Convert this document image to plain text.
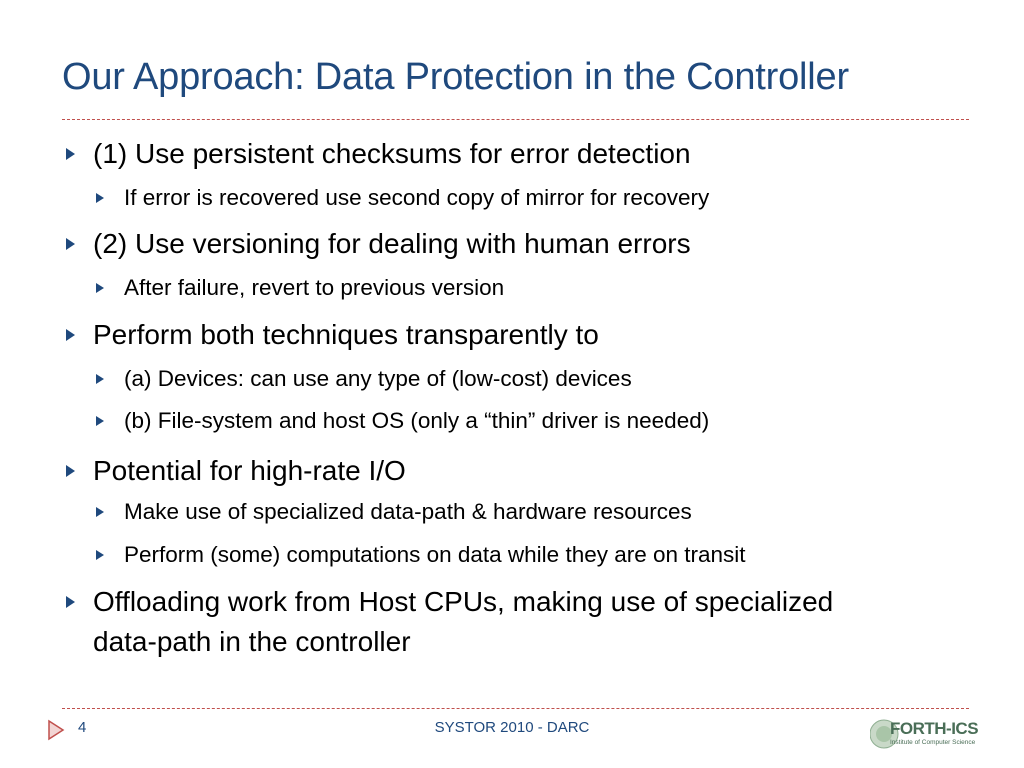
Our Approach: Data Protection in the Controller
(1) Use persistent checksums for error detection
If error is recovered use second copy of mirror for recovery
(2) Use versioning for dealing with human errors
After failure, revert to previous version
Perform both techniques transparently to
(a) Devices: can use any type of (low-cost) devices
(b) File-system and host OS (only a “thin” driver is needed)
Potential for high-rate I/O
Make use of specialized data-path & hardware resources
Perform (some) computations on data while they are on transit
Offloading work from Host CPUs, making use of specialized
data-path in the controller
4	SYSTOR 2010 - DARC	FORTH-ICS
Institute of Computer Science
